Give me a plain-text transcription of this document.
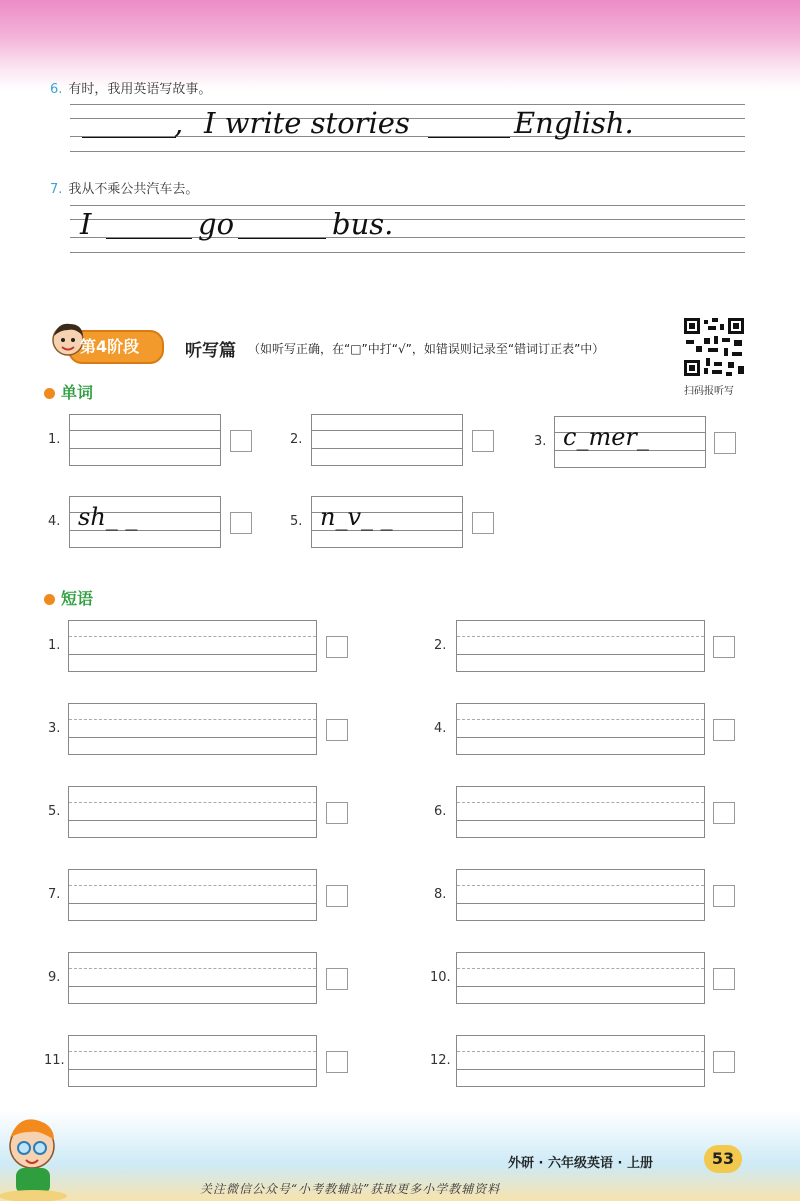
6. 有时，我用英语写故事。
, I write stories	English.
7. 我从不乘公共汽车去。
I	go	bus.
第4阶段	听写篇 （如听写正确，在“□”中打“√”，如错误则记录至“错词订正表”中）
扫码报听写
单词
1.	2.	3. c_mer_
4. sh_ _	5. n_v_ _
短语
1.	2.
3.	4.
5.	6.
7.	8.
9.	10.
11.	12.
外研 · 六年级英语 · 上册	53
关注微信公众号“小考教辅站”获取更多小学教辅资料
